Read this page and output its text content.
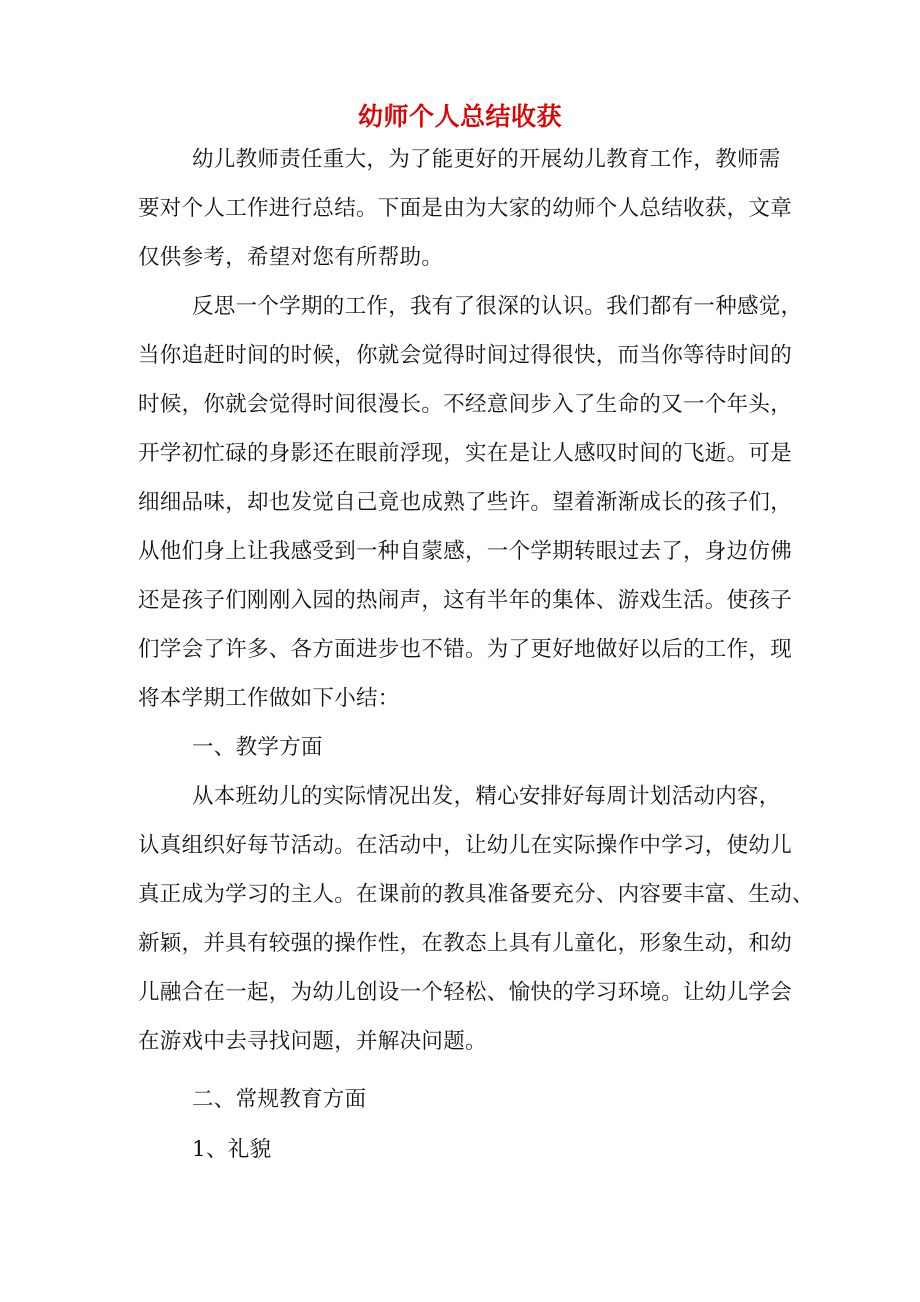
幼师个人总结收获
幼儿教师责任重大，为了能更好的开展幼儿教育工作，教师需
要对个人工作进行总结。下面是由为大家的幼师个人总结收获，文章
仅供参考，希望对您有所帮助。
反思一个学期的工作，我有了很深的认识。我们都有一种感觉，
当你追赶时间的时候，你就会觉得时间过得很快，而当你等待时间的
时候，你就会觉得时间很漫长。不经意间步入了生命的又一个年头，
开学初忙碌的身影还在眼前浮现，实在是让人感叹时间的飞逝。可是
细细品味，却也发觉自己竟也成熟了些许。望着渐渐成长的孩子们，
从他们身上让我感受到一种自蒙感，一个学期转眼过去了，身边仿佛
还是孩子们刚刚入园的热闹声，这有半年的集体、游戏生活。使孩子
们学会了许多、各方面进步也不错。为了更好地做好以后的工作，现
将本学期工作做如下小结：
一、教学方面
从本班幼儿的实际情况出发，精心安排好每周计划活动内容，
认真组织好每节活动。在活动中，让幼儿在实际操作中学习，使幼儿
真正成为学习的主人。在课前的教具准备要充分、内容要丰富、生动、
新颖，并具有较强的操作性，在教态上具有儿童化，形象生动，和幼
儿融合在一起，为幼儿创设一个轻松、愉快的学习环境。让幼儿学会
在游戏中去寻找问题，并解决问题。
二、常规教育方面
1、礼貌
